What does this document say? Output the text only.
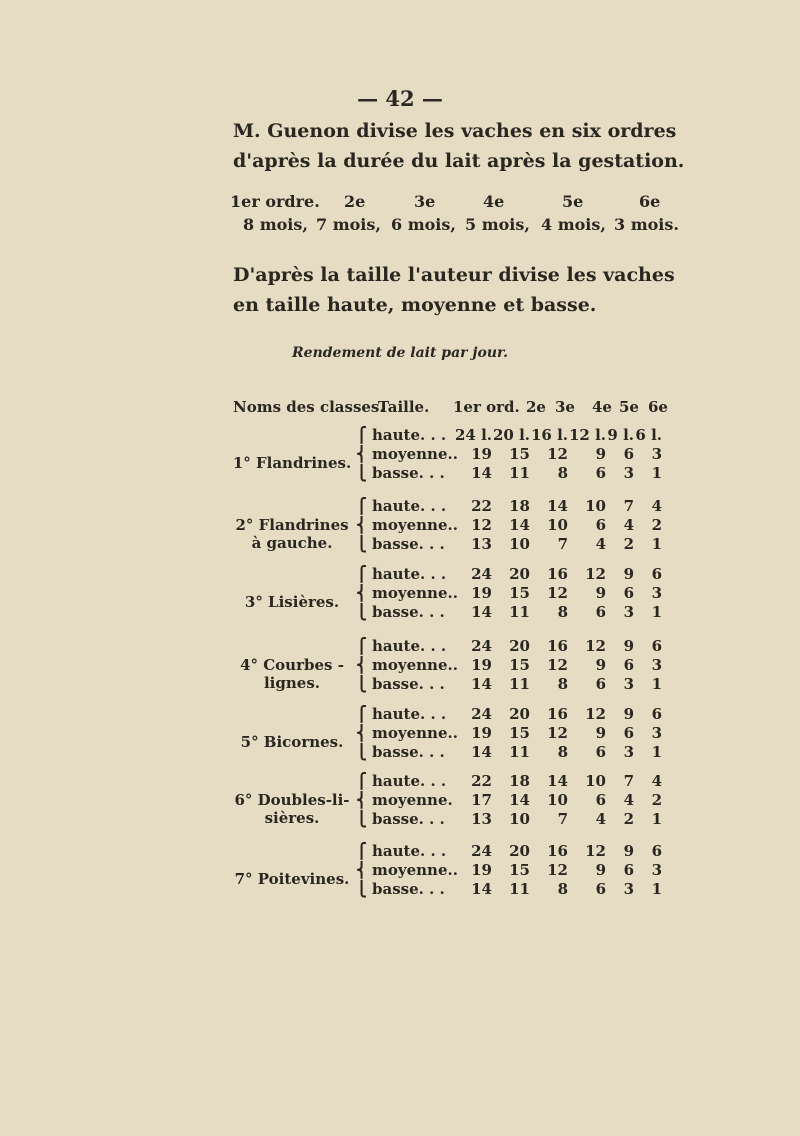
— 42 —
M. Guenon divise les vaches en six ordres d'après la durée du lait après la gestation.
1er ordre. 2e	3e	4e	5e	6e
8 mois, 7 mois, 6 mois, 5 mois, 4 mois, 3 mois.
D'après la taille l'auteur divise les vaches en taille haute, moyenne et basse.
Rendement de lait par jour.
Noms des classes.
Taille. 1er ord. 2e 3e 4e 5e 6e
1° Flandrines.
⎧ haute. . . 24 l. 20 l. 16 l. 12 l. 9 l. 6 l.
⎨ moyenne.. 19	15	12	9	6	3
⎩ basse. . .	14	11	8	6	3	1
2° Flandrines
à gauche.
⎧ haute. . .	22	18	14	10	7	4
⎨ moyenne.. 12	14	10	6	4	2
⎩ basse. . .	13	10	7	4	2	1
3° Lisières.
⎧ haute. . .	24	20	16	12	9	6
⎨ moyenne.. 19	15	12	9	6	3
⎩ basse. . .	14	11	8	6	3	1
4° Courbes -
lignes.
⎧ haute. . .	24	20	16	12	9	6
⎨ moyenne.. 19	15	12	9	6	3
⎩ basse. . .	14	11	8	6	3	1
5° Bicornes.
⎧ haute. . .	24	20	16	12	9	6
⎨ moyenne.. 19	15	12	9	6	3
⎩ basse. . .	14	11	8	6	3	1
6° Doubles-li-
sières.
⎧ haute. . .	22	18	14	10	7	4
⎨ moyenne.	17	14	10	6	4	2
⎩ basse. . .	13	10	7	4	2	1
7° Poitevines.
⎧ haute. . .	24	20	16	12	9	6
⎨ moyenne.. 19	15	12	9	6	3
⎩ basse. . .	14	11	8	6	3	1
